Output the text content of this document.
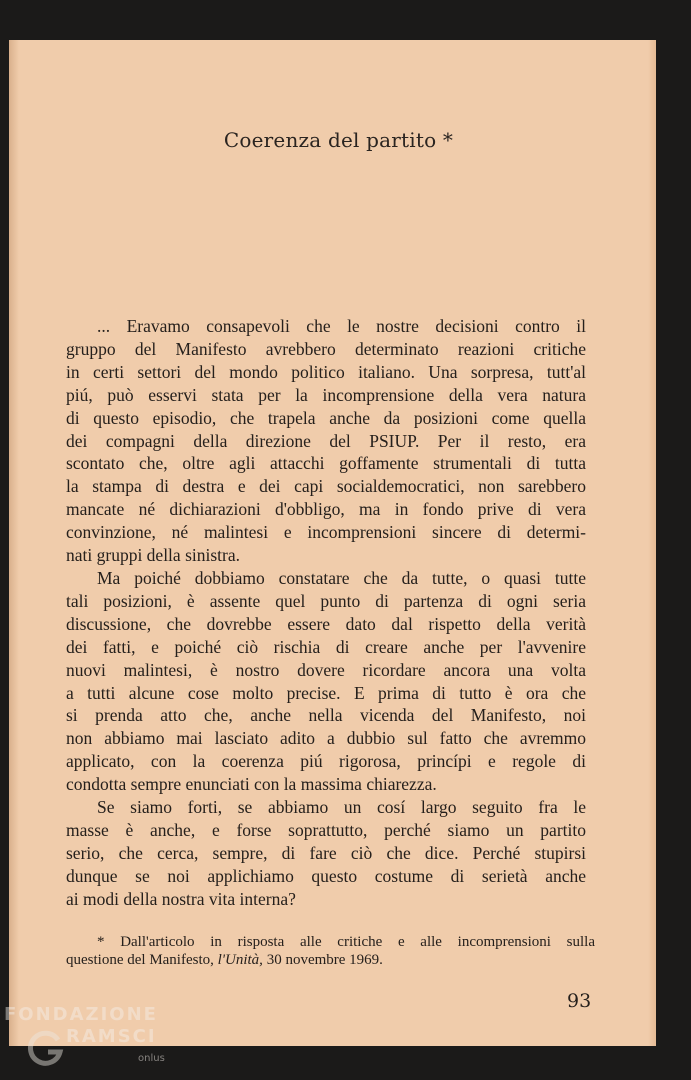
Coerenza del partito *

... Eravamo consapevoli che le nostre decisioni contro il
gruppo del Manifesto avrebbero determinato reazioni critiche
in certi settori del mondo politico italiano. Una sorpresa, tutt'al
piú, può esservi stata per la incomprensione della vera natura
di questo episodio, che trapela anche da posizioni come quella
dei compagni della direzione del PSIUP. Per il resto, era
scontato che, oltre agli attacchi goffamente strumentali di tutta
la stampa di destra e dei capi socialdemocratici, non sarebbero
mancate né dichiarazioni d'obbligo, ma in fondo prive di vera
convinzione, né malintesi e incomprensioni sincere di determi-
nati gruppi della sinistra.

Ma poiché dobbiamo constatare che da tutte, o quasi tutte
tali posizioni, è assente quel punto di partenza di ogni seria
discussione, che dovrebbe essere dato dal rispetto della verità
dei fatti, e poiché ciò rischia di creare anche per l'avvenire
nuovi malintesi, è nostro dovere ricordare ancora una volta
a tutti alcune cose molto precise. E prima di tutto è ora che
si prenda atto che, anche nella vicenda del Manifesto, noi
non abbiamo mai lasciato adito a dubbio sul fatto che avremmo
applicato, con la coerenza piú rigorosa, princípi e regole di
condotta sempre enunciati con la massima chiarezza.

Se siamo forti, se abbiamo un cosí largo seguito fra le
masse è anche, e forse soprattutto, perché siamo un partito
serio, che cerca, sempre, di fare ciò che dice. Perché stupirsi
dunque se noi applichiamo questo costume di serietà anche
ai modi della nostra vita interna?

* Dall'articolo in risposta alle critiche e alle incomprensioni sulla
questione del Manifesto, l'Unità, 30 novembre 1969.
93
FONDAZIONE
RAMSCI
onlus
